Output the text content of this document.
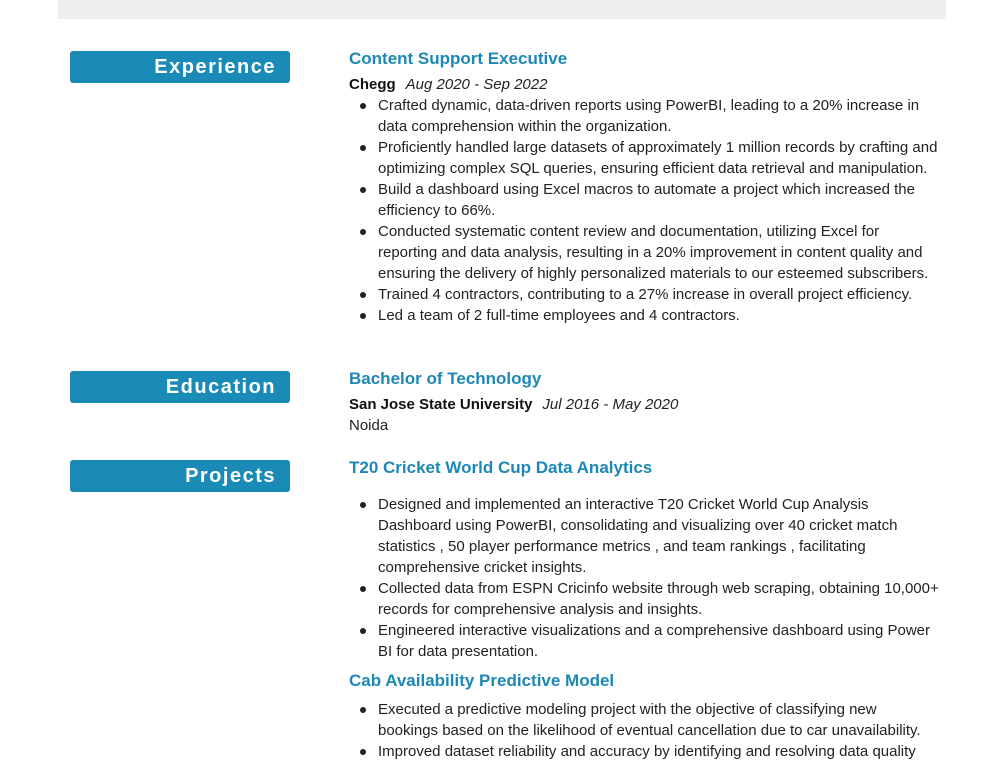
Experience	Content Support Executive
Chegg Aug 2020 - Sep 2022
Crafted dynamic, data-driven reports using PowerBI, leading to a 20% increase in data comprehension within the organization.
Proficiently handled large datasets of approximately 1 million records by crafting and optimizing complex SQL queries, ensuring efficient data retrieval and manipulation.
Build a dashboard using Excel macros to automate a project which increased the efficiency to 66%.
Conducted systematic content review and documentation, utilizing Excel for reporting and data analysis, resulting in a 20% improvement in content quality and ensuring the delivery of highly personalized materials to our esteemed subscribers.
Trained 4 contractors, contributing to a 27% increase in overall project efficiency.
Led a team of 2 full-time employees and 4 contractors.
Education	Bachelor of Technology
San Jose State University Jul 2016 - May 2020
Noida
Projects	T20 Cricket World Cup Data Analytics
Designed and implemented an interactive T20 Cricket World Cup Analysis Dashboard using PowerBI, consolidating and visualizing over 40 cricket match statistics , 50 player performance metrics , and team rankings , facilitating comprehensive cricket insights.
Collected data from ESPN Cricinfo website through web scraping, obtaining 10,000+ records for comprehensive analysis and insights.
Engineered interactive visualizations and a comprehensive dashboard using Power BI for data presentation.
Cab Availability Predictive Model
Executed a predictive modeling project with the objective of classifying new bookings based on the likelihood of eventual cancellation due to car unavailability.
Improved dataset reliability and accuracy by identifying and resolving data quality
